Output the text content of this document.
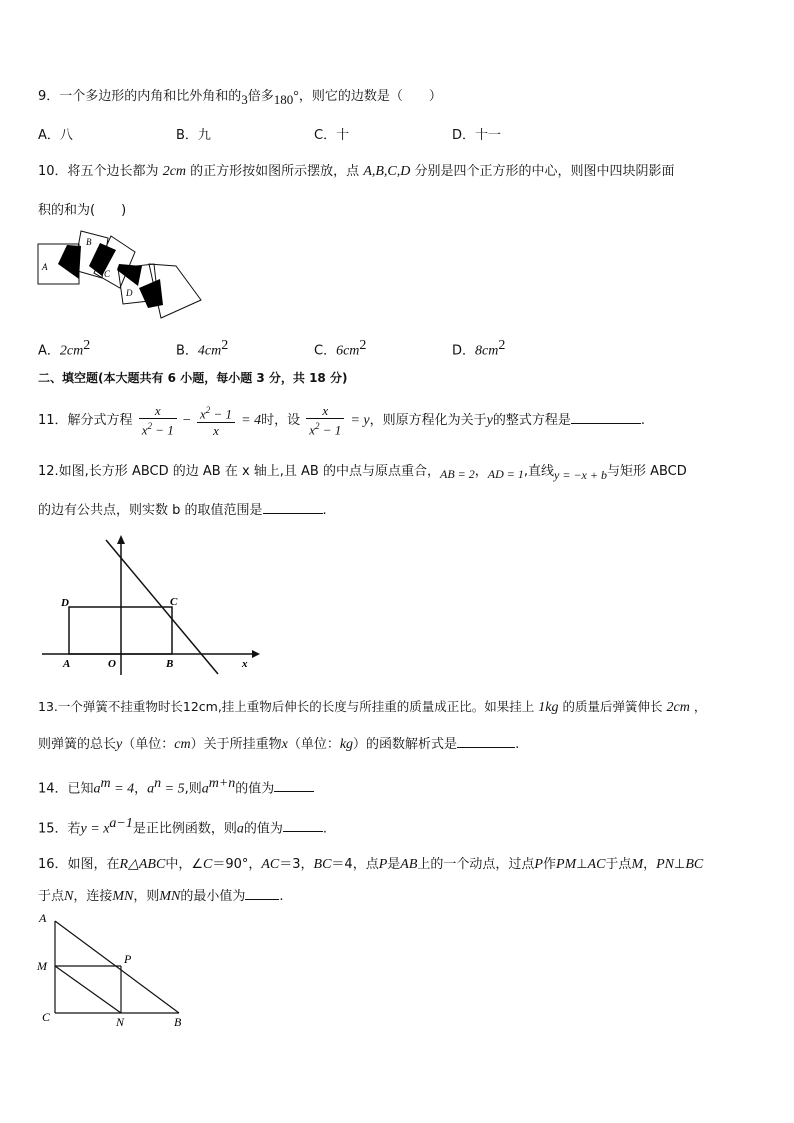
9．一个多边形的内角和比外角和的3倍多180°，则它的边数是（　　）
A．八	B．九	C．十	D．十一
10．将五个边长都为 2cm 的正方形按如图所示摆放，点 A,B,C,D 分别是四个正方形的中心，则图中四块阴影面
积的和为(　　)
A
B
C
D
A．$2cm^2$	B．$4cm^2$	C．$6cm^2$	D．$8cm^2$
二、填空题(本大题共有 6 小题，每小题 3 分，共 18 分)
11．解分式方程 $\frac{x}{x^2 - 1} - \frac{x^2 - 1}{x} = 4$时，设 $\frac{x}{x^2 - 1} = y$，则原方程化为关于y的整式方程是	.
12.如图,长方形 ABCD 的边 AB 在 x 轴上,且 AB 的中点与原点重合，AB = 2，AD = 1,直线y = −x + b与矩形 ABCD
的边有公共点，则实数 b 的取值范围是	.
D	C
A	O	B	x
13.一个弹簧不挂重物时长12cm,挂上重物后伸长的长度与所挂重的质量成正比。如果挂上 1kg 的质量后弹簧伸长 2cm ，
则弹簧的总长y（单位：cm）关于所挂重物x（单位：kg）的函数解析式是	.
14．已知$a^m = 4$，$a^n = 5$,则$a^{m+n}$的值为
15．若$y = x^{a-1}$是正比例函数，则a的值为	.
16．如图，在R△ABC中，∠C＝90°，AC＝3，BC＝4，点P是AB上的一个动点，过点P作PM⊥AC于点M，PN⊥BC
于点N，连接MN，则MN的最小值为	.
A
M	P
C	N	B
